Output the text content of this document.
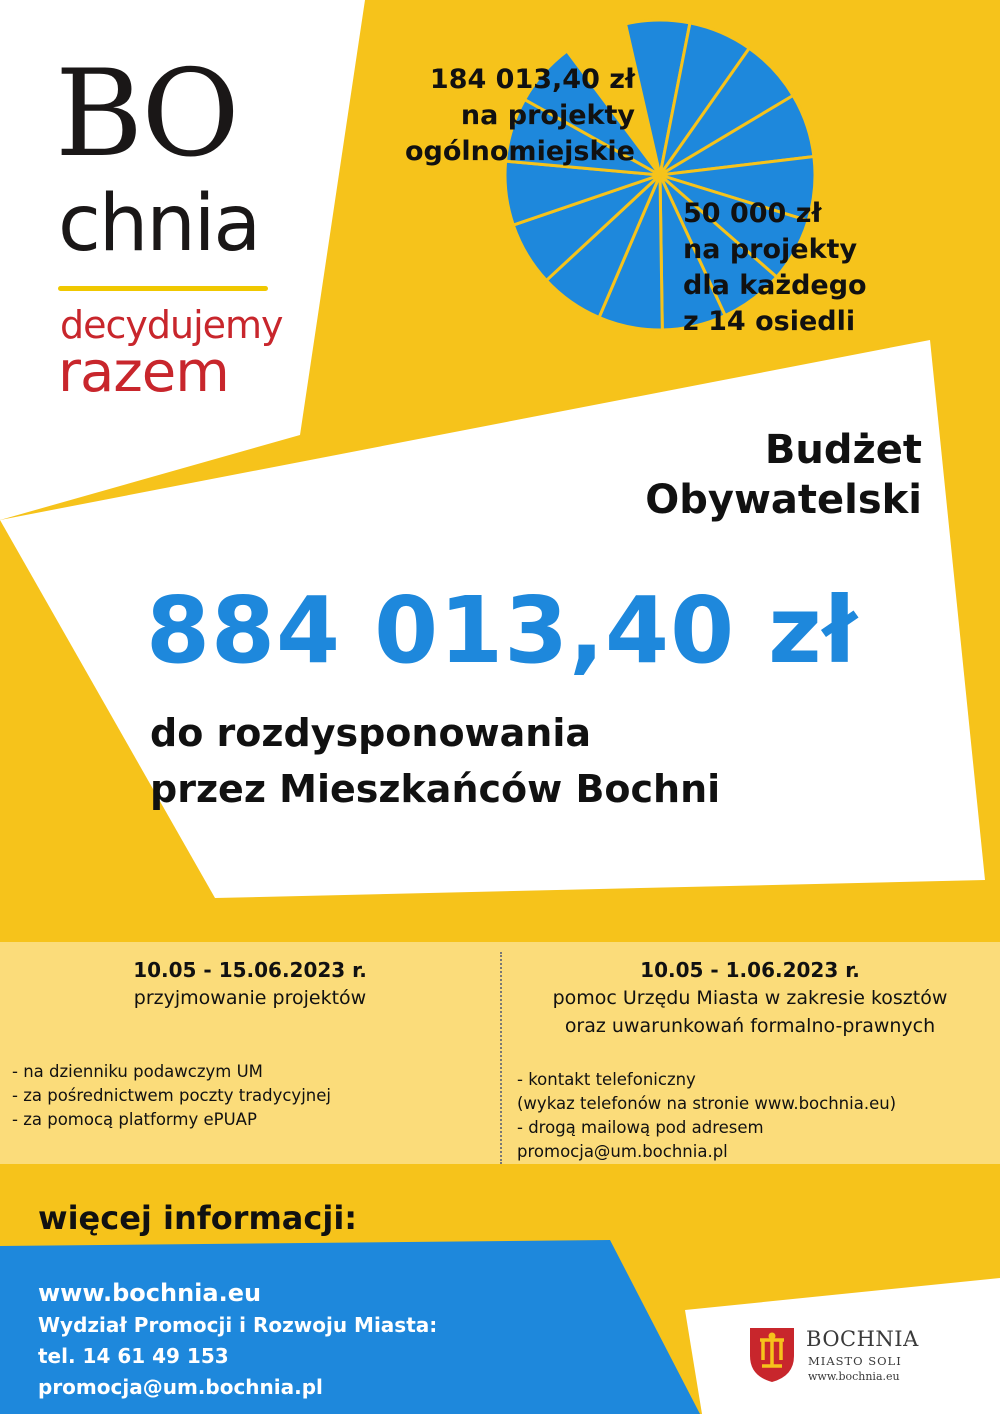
BO
chnia
decydujemy
razem
184 013,40 zł
na projekty
ogólnomiejskie
50 000 zł
na projekty
dla każdego
z 14 osiedli
Budżet
Obywatelski
884 013,40 zł
do rozdysponowania
przez Mieszkańców Bochni
10.05 - 15.06.2023 r.
przyjmowanie projektów
- na dzienniku podawczym UM
- za pośrednictwem poczty tradycyjnej
- za pomocą platformy ePUAP
10.05 - 1.06.2023 r.
pomoc Urzędu Miasta w zakresie kosztów
oraz uwarunkowań formalno-prawnych
- kontakt telefoniczny
(wykaz telefonów na stronie www.bochnia.eu)
- drogą mailową pod adresem
promocja@um.bochnia.pl
więcej informacji:
www.bochnia.eu
Wydział Promocji i Rozwoju Miasta:
tel. 14 61 49 153
promocja@um.bochnia.pl
BOCHNIA
MIASTO SOLI
www.bochnia.eu
